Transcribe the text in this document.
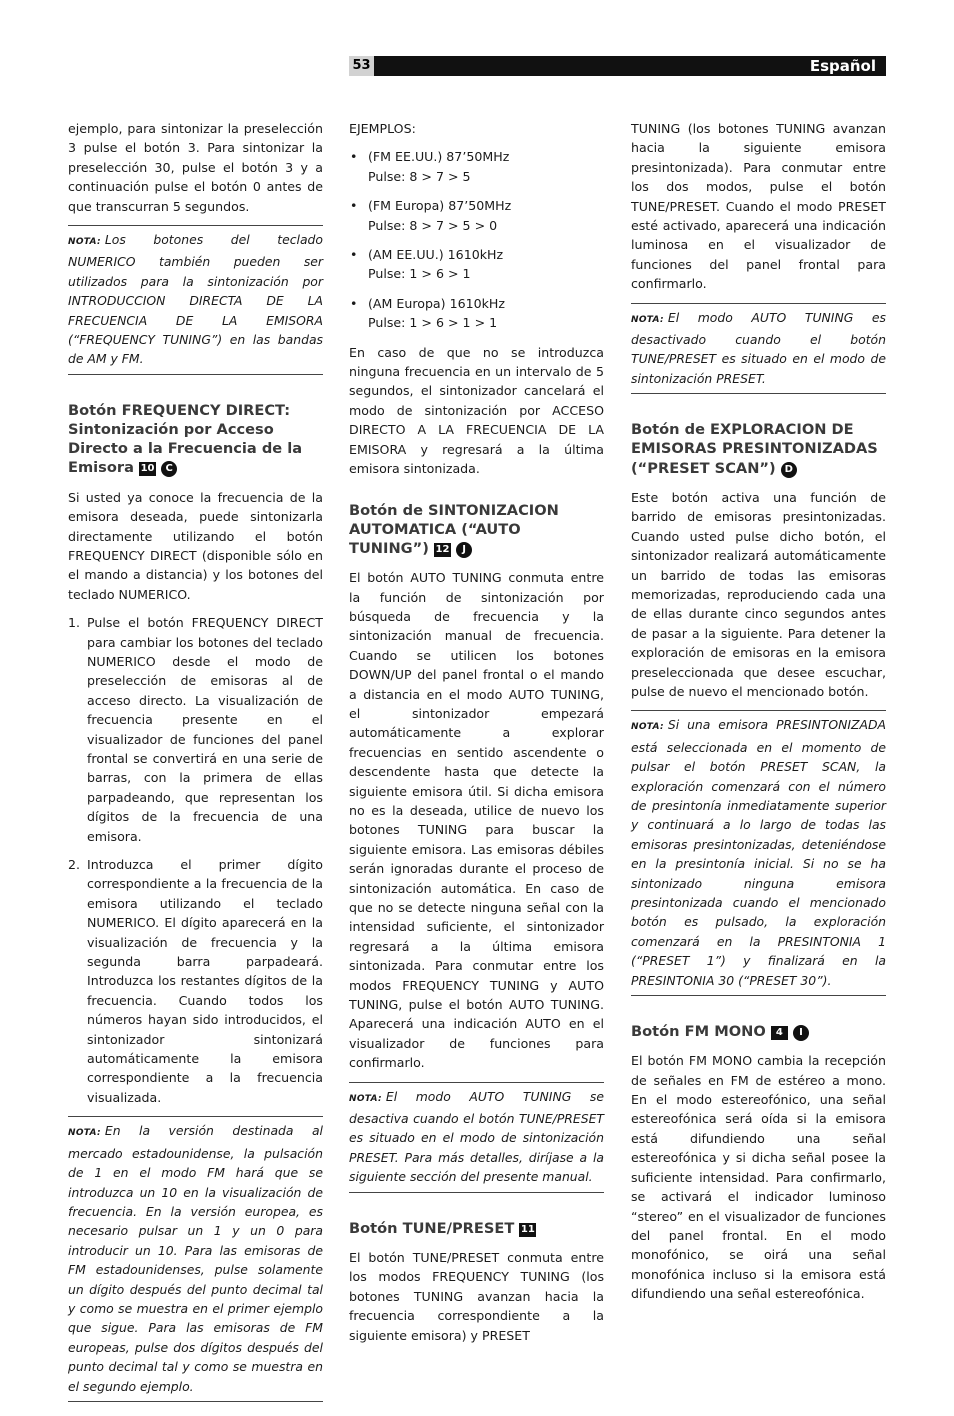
53	Español

ejemplo, para sintonizar la preselección 3 pulse el botón 3. Para sintonizar la preselección 30, pulse el botón 3 y a continuación pulse el botón 0 antes de que transcurran 5 segundos.

NOTA: Los botones del teclado NUMERICO también pueden ser utilizados para la sintonización por INTRODUCCION DIRECTA DE LA FRECUENCIA DE LA EMISORA (“FREQUENCY TUNING”) en las bandas de AM y FM.
Botón FREQUENCY DIRECT: Sintonización por Acceso Directo a la Frecuencia de la Emisora 10 C

Si usted ya conoce la frecuencia de la emisora deseada, puede sintonizarla directamente utilizando el botón FREQUENCY DIRECT (disponible sólo en el mando a distancia) y los botones del teclado NUMERICO.

1. Pulse el botón FREQUENCY DIRECT para cambiar los botones del teclado NUMERICO desde el modo de preselección de emisoras al de acceso directo. La visualización de frecuencia presente en el visualizador de funciones del panel frontal se convertirá en una serie de barras, con la primera de ellas parpadeando, que representan los dígitos de la frecuencia de una emisora.
2. Introduzca el primer dígito correspondiente a la frecuencia de la emisora utilizando el teclado NUMERICO. El dígito aparecerá en la visualización de frecuencia y la segunda barra parpadeará. Introduzca los restantes dígitos de la frecuencia. Cuando todos los números hayan sido introducidos, el sintonizador sintonizará automáticamente la emisora correspondiente a la frecuencia visualizada.
NOTA: En la versión destinada al mercado estadounidense, la pulsación de 1 en el modo FM hará que se introduzca un 10 en la visualización de frecuencia. En la versión europea, es necesario pulsar un 1 y un 0 para introducir un 10. Para las emisoras de FM estadounidenses, pulse solamente un dígito después del punto decimal tal y como se muestra en el primer ejemplo que sigue. Para las emisoras de FM europeas, pulse dos dígitos después del punto decimal tal y como se muestra en el segundo ejemplo.

EJEMPLOS:

• (FM EE.UU.) 87’50MHz
Pulse: 8 > 7 > 5
• (FM Europa) 87’50MHz
Pulse: 8 > 7 > 5 > 0
• (AM EE.UU.) 1610kHz
Pulse: 1 > 6 > 1
• (AM Europa) 1610kHz
Pulse: 1 > 6 > 1 > 1

En caso de que no se introduzca ninguna frecuencia en un intervalo de 5 segundos, el sintonizador cancelará el modo de sintonización por ACCESO DIRECTO A LA FRECUENCIA DE LA EMISORA y regresará a la última emisora sintonizada.

Botón de SINTONIZACION AUTOMATICA (“AUTO TUNING”) 12 J

El botón AUTO TUNING conmuta entre la función de sintonización por búsqueda de frecuencia y la sintonización manual de frecuencia. Cuando se utilicen los botones DOWN/UP del panel frontal o el mando a distancia en el modo AUTO TUNING, el sintonizador empezará automáticamente a explorar frecuencias en sentido ascendente o descendente hasta que detecte la siguiente emisora útil. Si dicha emisora no es la deseada, utilice de nuevo los botones TUNING para buscar la siguiente emisora. Las emisoras débiles serán ignoradas durante el proceso de sintonización automática. En caso de que no se detecte ninguna señal con la intensidad suficiente, el sintonizador regresará a la última emisora sintonizada. Para conmutar entre los modos FREQUENCY TUNING y AUTO TUNING, pulse el botón AUTO TUNING. Aparecerá una indicación AUTO en el visualizador de funciones para confirmarlo.

NOTA: El modo AUTO TUNING se desactiva cuando el botón TUNE/PRESET es situado en el modo de sintonización PRESET. Para más detalles, diríjase a la siguiente sección del presente manual.
Botón TUNE/PRESET 11

El botón TUNE/PRESET conmuta entre los modos FREQUENCY TUNING (los botones TUNING avanzan hacia la frecuencia correspondiente a la siguiente emisora) y PRESET

TUNING (los botones TUNING avanzan hacia la siguiente emisora presintonizada). Para conmutar entre los dos modos, pulse el botón TUNE/PRESET. Cuando el modo PRESET esté activado, aparecerá una indicación luminosa en el visualizador de funciones del panel frontal para confirmarlo.

NOTA: El modo AUTO TUNING es desactivado cuando el botón TUNE/PRESET es situado en el modo de sintonización PRESET.
Botón de EXPLORACION DE EMISORAS PRESINTONIZADAS (“PRESET SCAN”) D

Este botón activa una función de barrido de emisoras presintonizadas. Cuando usted pulse dicho botón, el sintonizador realizará automáticamente un barrido de todas las emisoras memorizadas, reproduciendo cada una de ellas durante cinco segundos antes de pasar a la siguiente. Para detener la exploración de emisoras en la emisora preseleccionada que desee escuchar, pulse de nuevo el mencionado botón.

NOTA: Si una emisora PRESINTONIZADA está seleccionada en el momento de pulsar el botón PRESET SCAN, la exploración comenzará con el número de presintonía inmediatamente superior y continuará a lo largo de todas las emisoras presintonizadas, deteniéndose en la presintonía inicial. Si no se ha sintonizado ninguna emisora presintonizada cuando el mencionado botón es pulsado, la exploración comenzará en la PRESINTONIA 1 (“PRESET 1”) y finalizará en la PRESINTONIA 30 (“PRESET 30”).
Botón FM MONO 4 I

El botón FM MONO cambia la recepción de señales en FM de estéreo a mono. En el modo estereofónico, una señal estereofónica será oída si la emisora está difundiendo una señal estereofónica y si dicha señal posee la suficiente intensidad. Para confirmarlo, se activará el indicador luminoso “stereo” en el visualizador de funciones del panel frontal. En el modo monofónico, se oirá una señal monofónica incluso si la emisora está difundiendo una señal estereofónica.
